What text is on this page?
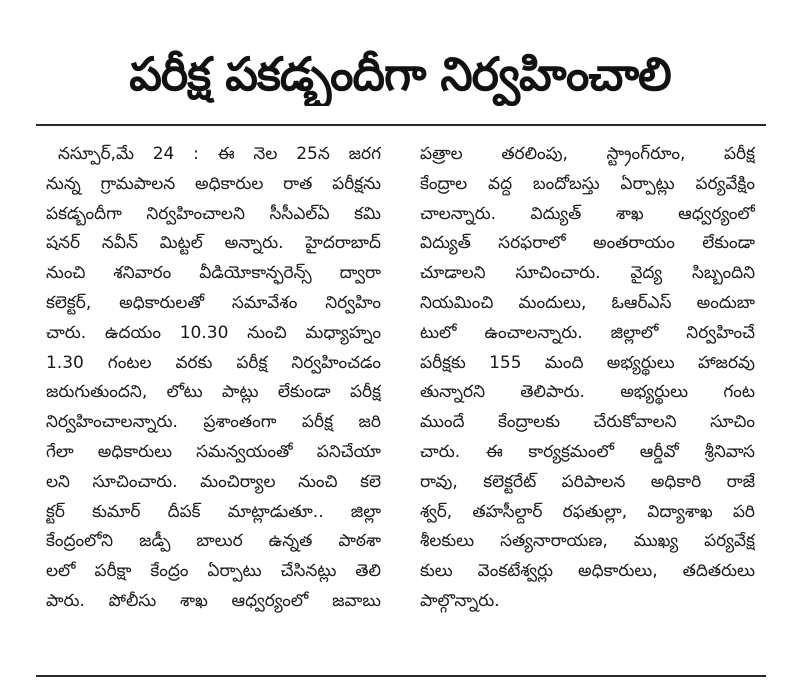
పరీక్ష పకడ్బందీగా నిర్వహించాలి
నస్పూర్,మే 24 : ఈ నెల 25న జరగ
నున్న గ్రామపాలన అధికారుల రాత పరీక్షను
పకడ్బందీగా నిర్వహించాలని సీసీఎల్ఏ కమి
షనర్ నవీన్ మిట్టల్ అన్నారు. హైదరాబాద్
నుంచి శనివారం వీడియోకాన్ఫరెన్స్ ద్వారా
కలెక్టర్, అధికారులతో సమావేశం నిర్వహిం
చారు. ఉదయం 10.30 నుంచి మధ్యాహ్నం
1.30 గంటల వరకు పరీక్ష నిర్వహించడం
జరుగుతుందని, లోటు పాట్లు లేకుండా పరీక్ష
నిర్వహించాలన్నారు. ప్రశాంతంగా పరీక్ష జరి
గేలా అధికారులు సమన్వయంతో పనిచేయా
లని సూచించారు. మంచిర్యాల నుంచి కలె
క్టర్ కుమార్ దీపక్ మాట్లాడుతూ.. జిల్లా
కేంద్రంలోని జడ్పీ బాలుర ఉన్నత పాఠశా
లలో పరీక్షా కేంద్రం ఏర్పాటు చేసినట్లు తెలి
పారు. పోలీసు శాఖ ఆధ్వర్యంలో జవాబు
పత్రాల తరలింపు, స్ట్రాంగ్‌రూం, పరీక్ష
కేంద్రాల వద్ద బందోబస్తు ఏర్పాట్లు పర్యవేక్షిం
చాలన్నారు. విద్యుత్ శాఖ ఆధ్వర్యంలో
విద్యుత్ సరఫరాలో అంతరాయం లేకుండా
చూడాలని సూచించారు. వైద్య సిబ్బందిని
నియమించి మందులు, ఓఆర్ఎస్ అందుబా
టులో ఉంచాలన్నారు. జిల్లాలో నిర్వహించే
పరీక్షకు 155 మంది అభ్యర్థులు హాజరవు
తున్నారని తెలిపారు. అభ్యర్థులు గంట
ముందే కేంద్రాలకు చేరుకోవాలని సూచిం
చారు. ఈ కార్యక్రమంలో ఆర్డీవో శ్రీనివాస
రావు, కలెక్టరేట్ పరిపాలన అధికారి రాజే
శ్వర్, తహసీల్దార్ రఫతుల్లా, విద్యాశాఖ పరి
శీలకులు సత్యనారాయణ, ముఖ్య పర్యవేక్ష
కులు వెంకటేశ్వర్లు అధికారులు, తదితరులు
పాల్గొన్నారు.
